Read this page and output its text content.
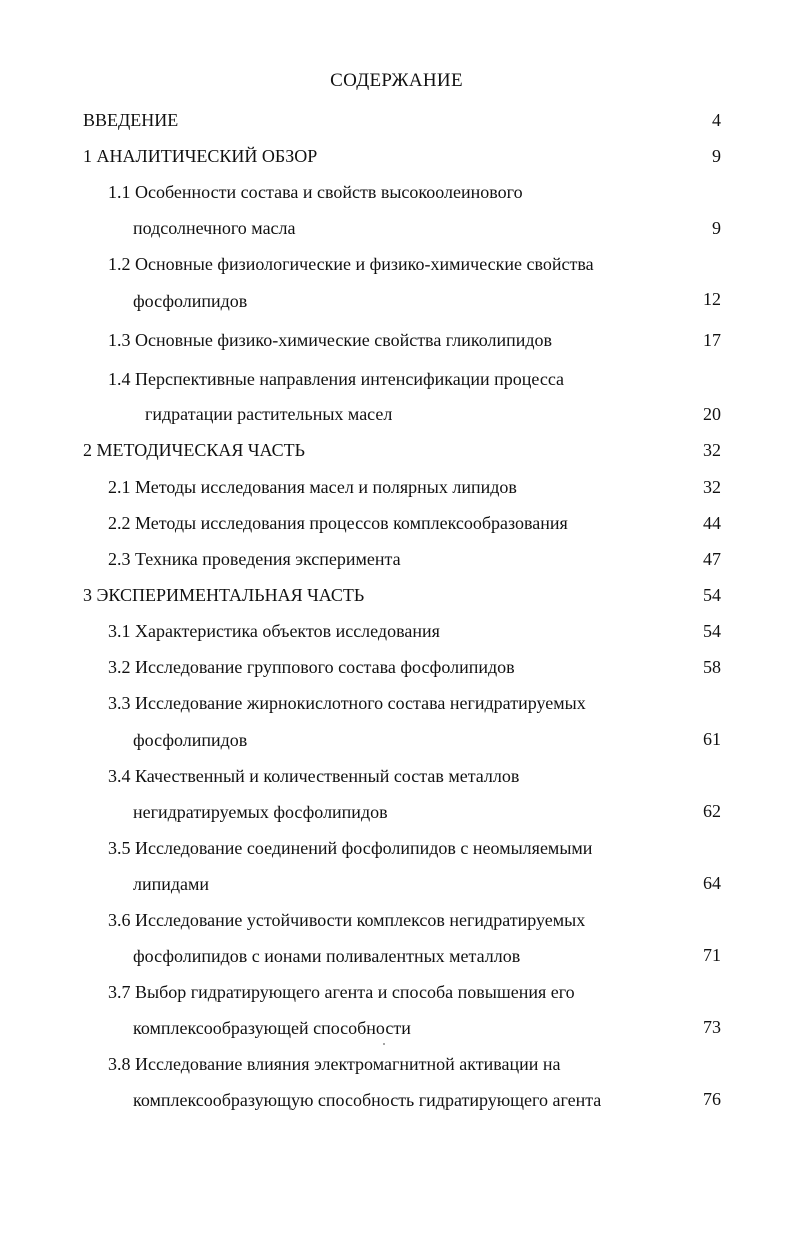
СОДЕРЖАНИЕ
ВВЕДЕНИЕ	4
1 АНАЛИТИЧЕСКИЙ ОБЗОР	9
1.1 Особенности состава и свойств высокоолеинового
подсолнечного масла	9
1.2 Основные физиологические и физико-химические свойства
фосфолипидов	12
1.3 Основные физико-химические свойства гликолипидов	17
1.4 Перспективные направления интенсификации процесса
гидратации растительных масел	20
2 МЕТОДИЧЕСКАЯ ЧАСТЬ	32
2.1 Методы исследования масел и полярных липидов	32
2.2 Методы исследования процессов комплексообразования	44
2.3 Техника проведения эксперимента	47
3 ЭКСПЕРИМЕНТАЛЬНАЯ ЧАСТЬ	54
3.1 Характеристика объектов исследования	54
3.2 Исследование группового состава фосфолипидов	58
3.3 Исследование жирнокислотного состава негидратируемых
фосфолипидов	61
3.4 Качественный и количественный состав металлов
негидратируемых фосфолипидов	62
3.5 Исследование соединений фосфолипидов с неомыляемыми
липидами	64
3.6 Исследование устойчивости комплексов негидратируемых
фосфолипидов с ионами поливалентных металлов	71
3.7 Выбор гидратирующего агента и способа повышения его
комплексообразующей способности	73
3.8 Исследование влияния электромагнитной активации на
комплексообразующую способность гидратирующего агента	76
